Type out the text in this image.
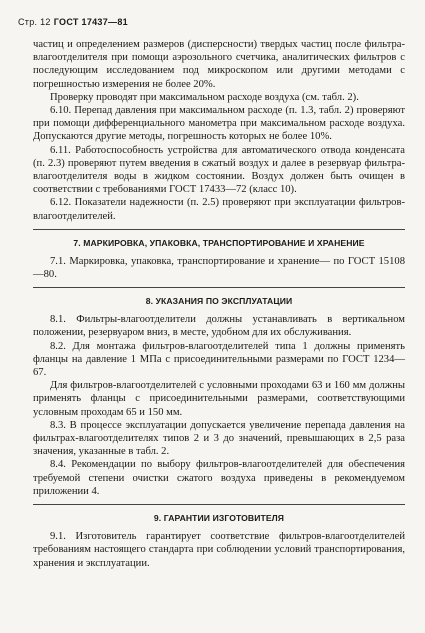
Стр. 12 ГОСТ 17437—81

частиц и определением размеров (дисперсности) твердых частиц после фильтра-влагоотделителя при помощи аэрозольного счетчика, аналитических фильтров с последующим исследованием под микроскопом или другими методами с погрешностью измерения не более 20%.

Проверку проводят при максимальном расходе воздуха (см. табл. 2).

6.10. Перепад давления при максимальном расходе (п. 1.3, табл. 2) проверяют при помощи дифференциального манометра при максимальном расходе воздуха. Допускаются другие методы, погрешность которых не более 10%.

6.11. Работоспособность устройства для автоматического отвода конденсата (п. 2.3) проверяют путем введения в сжатый воздух и далее в резервуар фильтра-влагоотделителя воды в жидком состоянии. Воздух должен быть очищен в соответствии с требованиями ГОСТ 17433—72 (класс 10).

6.12. Показатели надежности (п. 2.5) проверяют при эксплуатации фильтров-влагоотделителей.

7. МАРКИРОВКА, УПАКОВКА, ТРАНСПОРТИРОВАНИЕ И ХРАНЕНИЕ

7.1. Маркировка, упаковка, транспортирование и хранение— по ГОСТ 15108—80.

8. УКАЗАНИЯ ПО ЭКСПЛУАТАЦИИ

8.1. Фильтры-влагоотделители должны устанавливать в вертикальном положении, резервуаром вниз, в месте, удобном для их обслуживания.

8.2. Для монтажа фильтров-влагоотделителей типа 1 должны применять фланцы на давление 1 МПа с присоединительными размерами по ГОСТ 1234—67.

Для фильтров-влагоотделителей с условными проходами 63 и 160 мм должны применять фланцы с присоединительными размерами, соответствующими условным проходам 65 и 150 мм.

8.3. В процессе эксплуатации допускается увеличение перепада давления на фильтрах-влагоотделителях типов 2 и 3 до значений, превышающих в 2,5 раза значения, указанные в табл. 2.

8.4. Рекомендации по выбору фильтров-влагоотделителей для обеспечения требуемой степени очистки сжатого воздуха приведены в рекомендуемом приложении 4.

9. ГАРАНТИИ ИЗГОТОВИТЕЛЯ

9.1. Изготовитель гарантирует соответствие фильтров-влагоотделителей требованиям настоящего стандарта при соблюдении условий транспортирования, хранения и эксплуатации.
